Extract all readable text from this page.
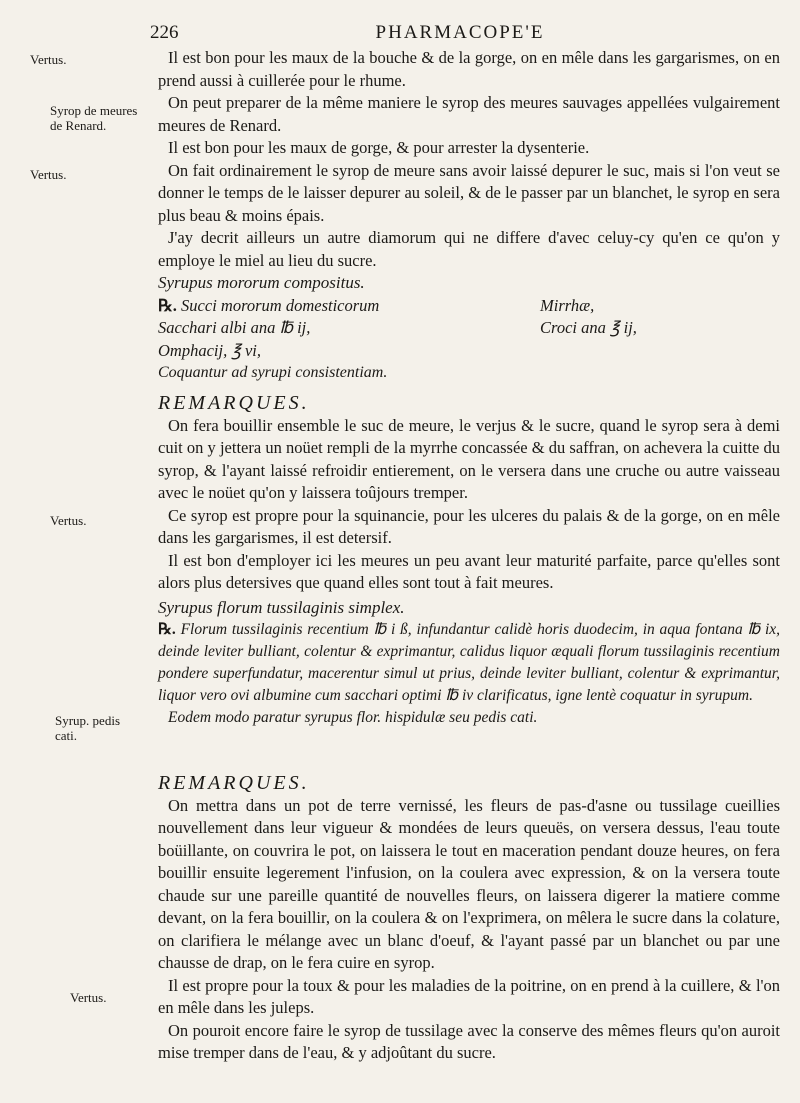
226	PHARMACOPE'E
Vertus.
Syrop de meures de Renard.
Vertus.
Vertus.
Syrup. pedis cati.
Vertus.

Il est bon pour les maux de la bouche & de la gorge, on en mêle dans les gargarismes, on en prend aussi à cuillerée pour le rhume.

On peut preparer de la même maniere le syrop des meures sauvages appellées vulgairement meures de Renard.

Il est bon pour les maux de gorge, & pour arrester la dysenterie.

On fait ordinairement le syrop de meure sans avoir laissé depurer le suc, mais si l'on veut se donner le temps de le laisser depurer au soleil, & de le passer par un blanchet, le syrop en sera plus beau & moins épais.

J'ay decrit ailleurs un autre diamorum qui ne differe d'avec celuy-cy qu'en ce qu'on y employe le miel au lieu du sucre.

Syrupus mororum compositus.

℞. Succi mororum domesticorum	Mirrhæ,
Sacchari albi ana ℔ ij,	Croci ana ℥ ij,
Omphacij, ℥ vi,

Coquantur ad syrupi consistentiam.

REMARQUES.

On fera bouillir ensemble le suc de meure, le verjus & le sucre, quand le syrop sera à demi cuit on y jettera un noüet rempli de la myrrhe concassée & du saffran, on achevera la cuitte du syrop, & l'ayant laissé refroidir entierement, on le versera dans une cruche ou autre vaisseau avec le noüet qu'on y laissera toûjours tremper.

Ce syrop est propre pour la squinancie, pour les ulceres du palais & de la gorge, on en mêle dans les gargarismes, il est detersif.

Il est bon d'employer ici les meures un peu avant leur maturité parfaite, parce qu'elles sont alors plus detersives que quand elles sont tout à fait meures.

Syrupus florum tussilaginis simplex.

℞. Florum tussilaginis recentium ℔ i ß, infundantur calidè horis duodecim, in aqua fontana ℔ ix, deinde leviter bulliant, colentur & exprimantur, calidus liquor æquali florum tussilaginis recentium pondere superfundatur, macerentur simul ut prius, deinde leviter bulliant, colentur & exprimantur, liquor vero ovi albumine cum sacchari optimi ℔ iv clarificatus, igne lentè coquatur in syrupum.

Eodem modo paratur syrupus flor. hispidulæ seu pedis cati.

REMARQUES.

On mettra dans un pot de terre vernissé, les fleurs de pas-d'asne ou tussilage cueillies nouvellement dans leur vigueur & mondées de leurs queuës, on versera dessus, l'eau toute boüillante, on couvrira le pot, on laissera le tout en maceration pendant douze heures, on fera bouillir ensuite legerement l'infusion, on la coulera avec expression, & on la versera toute chaude sur une pareille quantité de nouvelles fleurs, on laissera digerer la matiere comme devant, on la fera bouillir, on la coulera & on l'exprimera, on mêlera le sucre dans la colature, on clarifiera le mélange avec un blanc d'oeuf, & l'ayant passé par un blanchet ou par une chausse de drap, on le fera cuire en syrop.

Il est propre pour la toux & pour les maladies de la poitrine, on en prend à la cuillere, & l'on en mêle dans les juleps.

On pouroit encore faire le syrop de tussilage avec la conserve des mêmes fleurs qu'on auroit mise tremper dans de l'eau, & y adjoûtant du sucre.
